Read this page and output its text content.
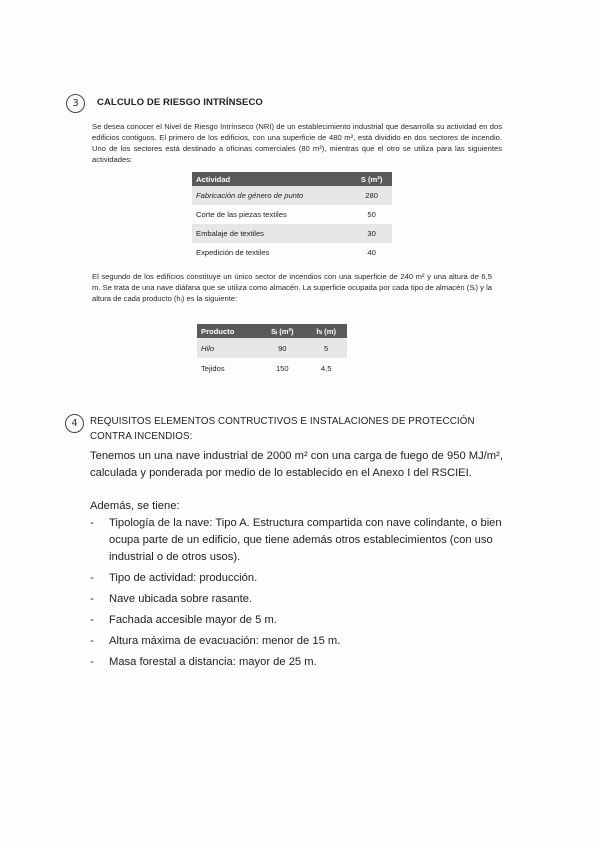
3	CALCULO DE RIESGO INTRÍNSECO
Se desea conocer el Nivel de Riesgo Intrínseco (NRI) de un establecimiento industrial que desarrolla su actividad en dos edificios contiguos. El primero de los edificios, con una superficie de 480 m², está dividido en dos sectores de incendio. Uno de los sectores está destinado a oficinas comerciales (80 m²), mientras que el otro se utiliza para las siguientes actividades:
Actividad	S (m²)
Fabricación de género de punto	280
Corte de las piezas textiles	50
Embalaje de textiles	30
Expedición de textiles	40
El segundo de los edificios constituye un único sector de incendios con una superficie de 240 m² y una altura de 6,5 m. Se trata de una nave diáfana que se utiliza como almacén. La superficie ocupada por cada tipo de almacén (Sᵢ) y la altura de cada producto (hᵢ) es la siguiente:
Producto	Sᵢ (m²)	hᵢ (m)
Hilo	90	5
Tejidos	150	4,5
4	REQUISITOS ELEMENTOS CONTRUCTIVOS E INSTALACIONES DE PROTECCIÓN CONTRA INCENDIOS:
Tenemos un una nave industrial de 2000 m² con una carga de fuego de 950 MJ/m², calculada y ponderada por medio de lo establecido en el Anexo I del RSCIEI.
Además, se tiene:
- Tipología de la nave: Tipo A. Estructura compartida con nave colindante, o bien ocupa parte de un edificio, que tiene además otros establecimientos (con uso industrial o de otros usos).
- Tipo de actividad: producción.
- Nave ubicada sobre rasante.
- Fachada accesible mayor de 5 m.
- Altura máxima de evacuación: menor de 15 m.
- Masa forestal a distancia: mayor de 25 m.
